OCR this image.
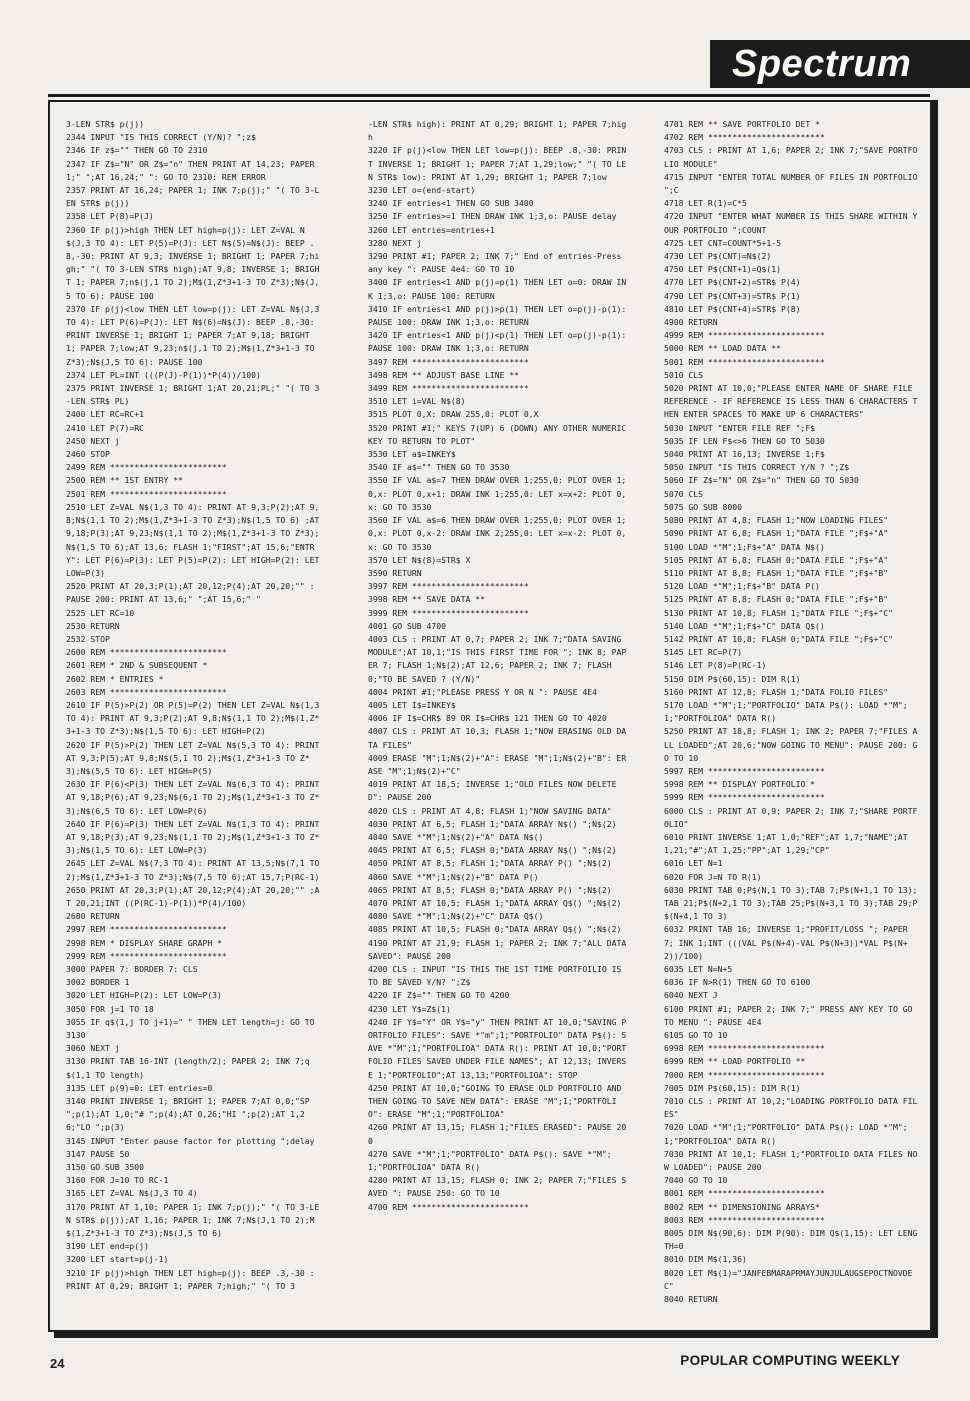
Spectrum
3-LEN STR$ p(j))
2344 INPUT "IS THIS CORRECT (Y/N)? ";z$
2346 IF z$="" THEN GO TO 2310
2347 IF Z$="N" OR Z$="n" THEN PRINT AT 14,23; PAPER 1;" ";AT 16,24;" ": GO TO 2310: REM ERROR
2357 PRINT AT 16,24; PAPER 1; INK 7;p(j);" "( TO 3-LEN STR$ p(j))
2358 LET P(8)=P(J)
2360 IF p(j)>high THEN LET high=p(j): LET Z=VAL N$(J,3 TO 4): LET P(5)=P(J): LET N$(5)=N$(J): BEEP .8,-30: PRINT AT 9,3; INVERSE 1; BRIGHT 1; PAPER 7;high;" "( TO 3-LEN STR$ high);AT 9,8; INVERSE 1; BRIGHT 1; PAPER 7;n$(j,1 TO 2);M$(1,Z*3+1-3 TO Z*3);N$(J,5 TO 6): PAUSE 100
2370 IF p(j)<low THEN LET low=p(j): LET Z=VAL N$(J,3 TO 4): LET P(6)=P(J): LET N$(6)=N$(J): BEEP .8,-30: PRINT INVERSE 1; BRIGHT 1; PAPER 7;AT 9,18; BRIGHT 1; PAPER 7;low;AT 9,23;n$(j,1 TO 2);M$(1,Z*3+1-3 TO Z*3);N$(J,5 TO 6): PAUSE 100
2374 LET PL=INT (((P(J)-P(1))*P(4))/100)
2375 PRINT INVERSE 1; BRIGHT 1;AT 20,21;PL;" "( TO 3-LEN STR$ PL)
2400 LET RC=RC+1
2410 LET P(7)=RC
2450 NEXT j
2460 STOP
2499 REM ************************
2500 REM ** 1ST ENTRY **
2501 REM ************************
2510 LET Z=VAL N$(1,3 TO 4): PRINT AT 9,3;P(2);AT 9,8;N$(1,1 TO 2);M$(1,Z*3+1-3 TO Z*3);N$(1,5 TO 6) ;AT 9,18;P(3);AT 9,23;N$(1,1 TO 2);M$(1,Z*3+1-3 TO Z*3);N$(1,5 TO 6);AT 13,6; FLASH 1;"FIRST";AT 15,6;"ENTRY": LET P(6)=P(3): LET P(5)=P(2): LET HIGH=P(2): LET LOW=P(3)
2520 PRINT AT 20,3;P(1);AT 20,12;P(4);AT 20,20;"" : PAUSE 200: PRINT AT 13,6;" ";AT 15,6;" "
2525 LET RC=10
2530 RETURN
2532 STOP
2600 REM ************************
2601 REM * 2ND & SUBSEQUENT *
2602 REM * ENTRIES *
2603 REM ************************
2610 IF P(5)>P(2) OR P(5)=P(2) THEN LET Z=VAL N$(1,3 TO 4): PRINT AT 9,3;P(2);AT 9,8;N$(1,1 TO 2);M$(1,Z*3+1-3 TO Z*3);N$(1,5 TO 6): LET HIGH=P(2)
2620 IF P(5)>P(2) THEN LET Z=VAL N$(5,3 TO 4): PRINT AT 9,3;P(5);AT 9,8;N$(5,1 TO 2);M$(1,Z*3+1-3 TO Z*3);N$(5,5 TO 6): LET HIGH=P(5)
2630 IF P(6)<P(3) THEN LET Z=VAL N$(6,3 TO 4): PRINT AT 9,18;P(6);AT 9,23;N$(6,1 TO 2);M$(1,Z*3+1-3 TO Z*3);N$(6,5 TO 6): LET LOW=P(6)
2640 IF P(6)=P(3) THEN LET Z=VAL N$(1,3 TO 4): PRINT AT 9,18;P(3);AT 9,23;N$(1,1 TO 2);M$(1,Z*3+1-3 TO Z*3);N$(1,5 TO 6): LET LOW=P(3)
2645 LET Z=VAL N$(7,3 TO 4): PRINT AT 13,5;N$(7,1 TO 2);M$(1,Z*3+1-3 TO Z*3);N$(7,5 TO 6);AT 15,7;P(RC-1)
2650 PRINT AT 20,3;P(1);AT 20,12;P(4);AT 20,20;"" ;AT 20,21;INT ((P(RC-1)-P(1))*P(4)/100)
2680 RETURN
2997 REM ************************
2998 REM * DISPLAY SHARE GRAPH *
2999 REM ************************
3000 PAPER 7: BORDER 7: CLS
3002 BORDER 1
3020 LET HIGH=P(2): LET LOW=P(3)
3050 FOR j=1 TO 18
3055 IF q$(1,j TO j+1)=" " THEN LET length=j: GO TO 3130
3060 NEXT j
3130 PRINT TAB 16-INT (length/2); PAPER 2; INK 7;q$(1,1 TO length)
3135 LET p(9)=0: LET entries=0
3140 PRINT INVERSE 1; BRIGHT 1; PAPER 7;AT 0,0;"SP ";p(1);AT 1,0;"# ";p(4);AT 0,26;"HI ";p(2);AT 1,26;"LO ";p(3)
3145 INPUT "Enter pause factor for plotting ";delay
3147 PAUSE 50
3150 GO SUB 3500
3160 FOR J=10 TO RC-1
3165 LET Z=VAL N$(J,3 TO 4)
3170 PRINT AT 1,10; PAPER 1; INK 7;p(j);" "( TO 3-LEN STR$ p(j));AT 1,16; PAPER 1; INK 7;N$(J,1 TO 2);M$(1,Z*3+1-3 TO Z*3);N$(J,5 TO 6)
3190 LET end=p(j)
3200 LET start=p(j-1)
3210 IF p(j)>high THEN LET high=p(j): BEEP .3,-30 : PRINT AT 0,29; BRIGHT 1; PAPER 7;high;" "( TO 3
-LEN STR$ high): PRINT AT 0,29; BRIGHT 1; PAPER 7;high
3220 IF p(j)<low THEN LET low=p(j): BEEP .8,-30: PRINT INVERSE 1; BRIGHT 1; PAPER 7;AT 1,29;low;" "( TO LEN STR$ low): PRINT AT 1,29; BRIGHT 1; PAPER 7;low
3230 LET o=(end-start)
3240 IF entries<1 THEN GO SUB 3400
3250 IF entries>=1 THEN DRAW INK 1;3,o: PAUSE delay
3260 LET entries=entries+1
3280 NEXT j
3290 PRINT #1; PAPER 2; INK 7;" End of entries-Press any key ": PAUSE 4e4: GO TO 10
3400 IF entries<1 AND p(j)=p(1) THEN LET o=0: DRAW INK 1;3,o: PAUSE 100: RETURN
3410 IF entries<1 AND p(j)>p(1) THEN LET o=p(j)-p(1): PAUSE 100: DRAW INK 1;3,o: RETURN
3420 IF entries<1 AND p(j)<p(1) THEN LET o=p(j)-p(1): PAUSE 100: DRAW INK 1;3,o: RETURN
3497 REM ************************
3498 REM ** ADJUST BASE LINE **
3499 REM ************************
3510 LET i=VAL N$(8)
3515 PLOT 0,X: DRAW 255,0: PLOT 0,X
3520 PRINT #1;" KEYS 7(UP) 6 (DOWN) ANY OTHER NUMERIC KEY TO RETURN TO PLOT"
3530 LET a$=INKEY$
3540 IF a$="" THEN GO TO 3530
3550 IF VAL a$=7 THEN DRAW OVER 1;255,0: PLOT OVER 1;0,x: PLOT 0,x+1: DRAW INK 1;255,0: LET x=x+2: PLOT 0,x: GO TO 3530
3560 IF VAL a$=6 THEN DRAW OVER 1;255,0: PLOT OVER 1;0,x: PLOT 0,x-2: DRAW INK 2;255,0: LET x=x-2: PLOT 0,x: GO TO 3530
3570 LET N$(8)=STR$ X
3590 RETURN
3997 REM ************************
3998 REM ** SAVE DATA **
3999 REM ************************
4001 GO SUB 4700
4003 CLS : PRINT AT 0,7; PAPER 2; INK 7;"DATA SAVING MODULE";AT 10,1;"IS THIS FIRST TIME FOR "; INK 8; PAPER 7; FLASH 1;N$(2);AT 12,6; PAPER 2; INK 7; FLASH 0;"TO BE SAVED ? (Y/N)"
4004 PRINT #1;"PLEASE PRESS Y OR N ": PAUSE 4E4
4005 LET I$=INKEY$
4006 IF I$=CHR$ 89 OR I$=CHR$ 121 THEN GO TO 4020
4007 CLS : PRINT AT 10,3; FLASH 1;"NOW ERASING OLD DATA FILES"
4009 ERASE "M";1;N$(2)+"A": ERASE "M";1;N$(2)+"B": ERASE "M";1;N$(2)+"C"
4019 PRINT AT 18,5; INVERSE 1;"OLD FILES NOW DELETED": PAUSE 200
4020 CLS : PRINT AT 4,8; FLASH 1;"NOW SAVING DATA"
4030 PRINT AT 6,5; FLASH 1;"DATA ARRAY N$() ";N$(2)
4040 SAVE *"M";1;N$(2)+"A" DATA N$()
4045 PRINT AT 6,5; FLASH 0;"DATA ARRAY N$() ";N$(2)
4050 PRINT AT 8,5; FLASH 1;"DATA ARRAY P() ";N$(2)
4060 SAVE *"M";1;N$(2)+"B" DATA P()
4065 PRINT AT 8,5; FLASH 0;"DATA ARRAY P() ";N$(2)
4070 PRINT AT 10,5; FLASH 1;"DATA ARRAY Q$() ";N$(2)
4080 SAVE *"M";1;N$(2)+"C" DATA Q$()
4085 PRINT AT 10,5; FLASH 0;"DATA ARRAY Q$() ";N$(2)
4190 PRINT AT 21,9; FLASH 1; PAPER 2; INK 7;"ALL DATA SAVED": PAUSE 200
4200 CLS : INPUT "IS THIS THE 1ST TIME PORTFOILIO IS TO BE SAVED Y/N? ";Z$
4220 IF Z$="" THEN GO TO 4200
4230 LET Y$=Z$(1)
4240 IF Y$="Y" OR Y$="y" THEN PRINT AT 10,0;"SAVING PORTFOLIO FILES": SAVE *"m";1;"PORTFOLIO" DATA P$(): SAVE *"M";1;"PORTFOLIOA" DATA R(): PRINT AT 10,0;"PORTFOLIO FILES SAVED UNDER FILE NAMES"; AT 12,13; INVERSE 1;"PORTFOLIO";AT 13,13;"PORTFOLIOA": STOP
4250 PRINT AT 10,0;"GOING TO ERASE OLD PORTFOLIO AND THEN GOING TO SAVE NEW DATA": ERASE "M";1;"PORTFOLIO": ERASE "M";1;"PORTFOLIOA"
4260 PRINT AT 13,15; FLASH 1;"FILES ERASED": PAUSE 200
4270 SAVE *"M";1;"PORTFOLIO" DATA P$(): SAVE *"M";1;"PORTFOLIOA" DATA R()
4280 PRINT AT 13,15; FLASH 0; INK 2; PAPER 7;"FILES SAVED ": PAUSE 250: GO TO 10
4700 REM ************************
4701 REM ** SAVE PORTFOLIO DET *
4702 REM ************************
4703 CLS : PRINT AT 1,6; PAPER 2; INK 7;"SAVE PORTFOLIO MODULE"
4715 INPUT "ENTER TOTAL NUMBER OF FILES IN PORTFOLIO ";C
4718 LET R(1)=C*5
4720 INPUT "ENTER WHAT NUMBER IS THIS SHARE WITHIN YOUR PORTFOLIO ";COUNT
4725 LET CNT=COUNT*5+1-5
4730 LET P$(CNT)=N$(2)
4750 LET P$(CNT+1)=Q$(1)
4770 LET P$(CNT+2)=STR$ P(4)
4790 LET P$(CNT+3)=STR$ P(1)
4810 LET P$(CNT+4)=STR$ P(8)
4900 RETURN
4999 REM ************************
5000 REM ** LOAD DATA **
5001 REM ************************
5010 CLS
5020 PRINT AT 10,0;"PLEASE ENTER NAME OF SHARE FILE REFERENCE - IF REFERENCE IS LESS THAN 6 CHARACTERS THEN ENTER SPACES TO MAKE UP 6 CHARACTERS"
5030 INPUT "ENTER FILE REF ";F$
5035 IF LEN F$<>6 THEN GO TO 5030
5040 PRINT AT 16,13; INVERSE 1;F$
5050 INPUT "IS THIS CORRECT Y/N ? ";Z$
5060 IF Z$="N" OR Z$="n" THEN GO TO 5030
5070 CLS
5075 GO SUB 8000
5080 PRINT AT 4,8; FLASH 1;"NOW LOADING FILES"
5090 PRINT AT 6,8; FLASH 1;"DATA FILE ";F$+"A"
5100 LOAD *"M";1;F$+"A" DATA N$()
5105 PRINT AT 6,8; FLASH 0;"DATA FILE ";F$+"A"
5110 PRINT AT 8,8; FLASH 1;"DATA FILE ";F$+"B"
5120 LOAD *"M";1;F$+"B" DATA P()
5125 PRINT AT 8,8; FLASH 0;"DATA FILE ";F$+"B"
5130 PRINT AT 10,8; FLASH 1;"DATA FILE ";F$+"C"
5140 LOAD *"M";1;F$+"C" DATA Q$()
5142 PRINT AT 10,8; FLASH 0;"DATA FILE ";F$+"C"
5145 LET RC=P(7)
5146 LET P(8)=P(RC-1)
5150 DIM P$(60,15): DIM R(1)
5160 PRINT AT 12,8; FLASH 1;"DATA FOLIO FILES"
5170 LOAD *"M";1;"PORTFOLIO" DATA P$(): LOAD *"M";1;"PORTFOLIOA" DATA R()
5250 PRINT AT 18,8; FLASH 1; INK 2; PAPER 7;"FILES ALL LOADED";AT 20,6;"NOW GOING TO MENU": PAUSE 200: GO TO 10
5997 REM ************************
5998 REM ** DISPLAY PORTFOLIO *
5999 REM ************************
6000 CLS : PRINT AT 0,9; PAPER 2; INK 7;"SHARE PORTFOLIO"
6010 PRINT INVERSE 1;AT 1,0;"REF";AT 1,7;"NAME";AT 1,21;"#";AT 1,25;"PP";AT 1,29;"CP"
6016 LET N=1
6020 FOR J=N TO R(1)
6030 PRINT TAB 0;P$(N,1 TO 3);TAB 7;P$(N+1,1 TO 13);TAB 21;P$(N+2,1 TO 3);TAB 25;P$(N+3,1 TO 3);TAB 29;P$(N+4,1 TO 3)
6032 PRINT TAB 16; INVERSE 1;"PROFIT/LOSS "; PAPER 7; INK 1;INT (((VAL P$(N+4)-VAL P$(N+3))*VAL P$(N+2))/100)
6035 LET N=N+5
6036 IF N>R(1) THEN GO TO 6100
6040 NEXT J
6100 PRINT #1; PAPER 2; INK 7;" PRESS ANY KEY TO GO TO MENU ": PAUSE 4E4
6105 GO TO 10
6998 REM ************************
6999 REM ** LOAD PORTFOLIO **
7000 REM ************************
7005 DIM P$(60,15): DIM R(1)
7010 CLS : PRINT AT 10,2;"LOADING PORTFOLIO DATA FILES"
7020 LOAD *"M";1;"PORTFOLIO" DATA P$(): LOAD *"M";1;"PORTFOLIOA" DATA R()
7030 PRINT AT 10,1; FLASH 1;"PORTFOLIO DATA FILES NOW LOADED": PAUSE 200
7040 GO TO 10
8001 REM ************************
8002 REM ** DIMENSIONING ARRAYS*
8003 REM ************************
8005 DIM N$(90,6): DIM P(90): DIM Q$(1,15): LET LENGTH=0
8010 DIM M$(1,36)
8020 LET M$(1)="JANFEBMARAPRMAYJUNJULAUGSEPOCTNOVDEC"
8040 RETURN
24	POPULAR COMPUTING WEEKLY
